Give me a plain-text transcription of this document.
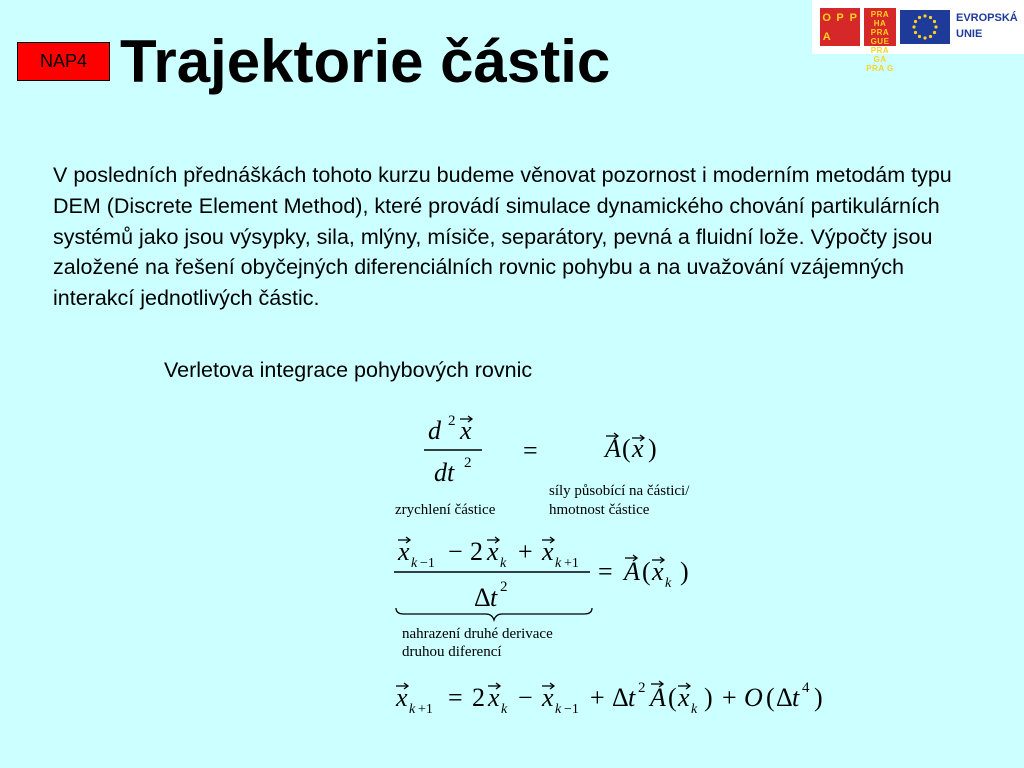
NAP4 Trajektorie částic
O P P
A
PRA HA
PRA GUE
PRA GA
PRA G
EVROPSKÁ
UNIE

V posledních přednáškách tohoto kurzu budeme věnovat pozornost i moderním metodám typu DEM (Discrete Element Method), které provádí simulace dynamického chování partikulárních systémů jako jsou výsypky, sila, mlýny, mísiče, separátory, pevná a fluidní lože. Výpočty jsou založené na řešení obyčejných diferenciálních rovnic pohybu a na uvažování vzájemných interakcí jednotlivých částic.

Verletova integrace pohybových rovnic

d 2 x
dt 2	A ( x )
=
zrychlení částice
síly působící na částici/
hmotnost částice
x k −1 − 2 x k + x k +1
Δ t 2
= A ( x k )
nahrazení druhé derivace
druhou diferencí
x k +1 = 2 x k − x k −1 + Δ t 2 A ( x k ) + O ( Δ t 4 )
